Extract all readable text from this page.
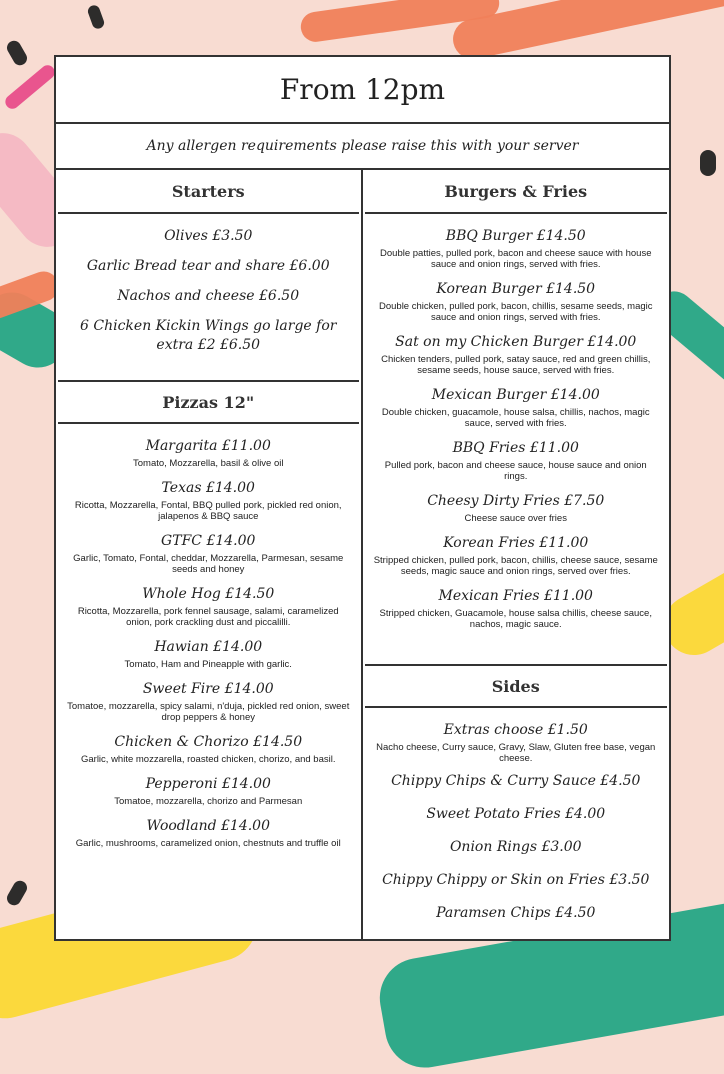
From 12pm
Any allergen requirements please raise this with your server
Starters
Olives £3.50
Garlic Bread tear and share £6.00
Nachos and cheese £6.50
6 Chicken Kickin Wings go large for extra £2 £6.50
Pizzas 12"
Margarita £11.00
Tomato, Mozzarella, basil & olive oil
Texas £14.00
Ricotta, Mozzarella, Fontal, BBQ pulled pork, pickled red onion, jalapenos & BBQ sauce
GTFC £14.00
Garlic, Tomato, Fontal, cheddar, Mozzarella, Parmesan, sesame seeds and honey
Whole Hog £14.50
Ricotta, Mozzarella, pork fennel sausage, salami, caramelized onion, pork crackling dust and piccalilli.
Hawian £14.00
Tomato, Ham and Pineapple with garlic.
Sweet Fire £14.00
Tomatoe, mozzarella, spicy salami, n'duja, pickled red onion, sweet drop peppers & honey
Chicken & Chorizo £14.50
Garlic, white mozzarella, roasted chicken, chorizo, and basil.
Pepperoni £14.00
Tomatoe, mozzarella, chorizo and Parmesan
Woodland £14.00
Garlic, mushrooms, caramelized onion, chestnuts and truffle oil
Burgers & Fries
BBQ Burger £14.50
Double patties, pulled pork, bacon and cheese sauce with house sauce and onion rings, served with fries.
Korean Burger £14.50
Double chicken, pulled pork, bacon, chillis, sesame seeds, magic sauce and onion rings, served with fries.
Sat on my Chicken Burger £14.00
Chicken tenders, pulled pork, satay sauce, red and green chillis, sesame seeds, house sauce, served with fries.
Mexican Burger £14.00
Double chicken, guacamole, house salsa, chillis, nachos, magic sauce, served with fries.
BBQ Fries £11.00
Pulled pork, bacon and cheese sauce, house sauce and onion rings.
Cheesy Dirty Fries £7.50
Cheese sauce over fries
Korean Fries £11.00
Stripped chicken, pulled pork, bacon, chillis, cheese sauce, sesame seeds, magic sauce and onion rings, served over fries.
Mexican Fries £11.00
Stripped chicken, Guacamole, house salsa chillis, cheese sauce, nachos, magic sauce.
Sides
Extras choose £1.50
Nacho cheese, Curry sauce, Gravy, Slaw, Gluten free base, vegan cheese.
Chippy Chips & Curry Sauce £4.50
Sweet Potato Fries £4.00
Onion Rings £3.00
Chippy Chippy or Skin on Fries £3.50
Paramsen Chips £4.50
